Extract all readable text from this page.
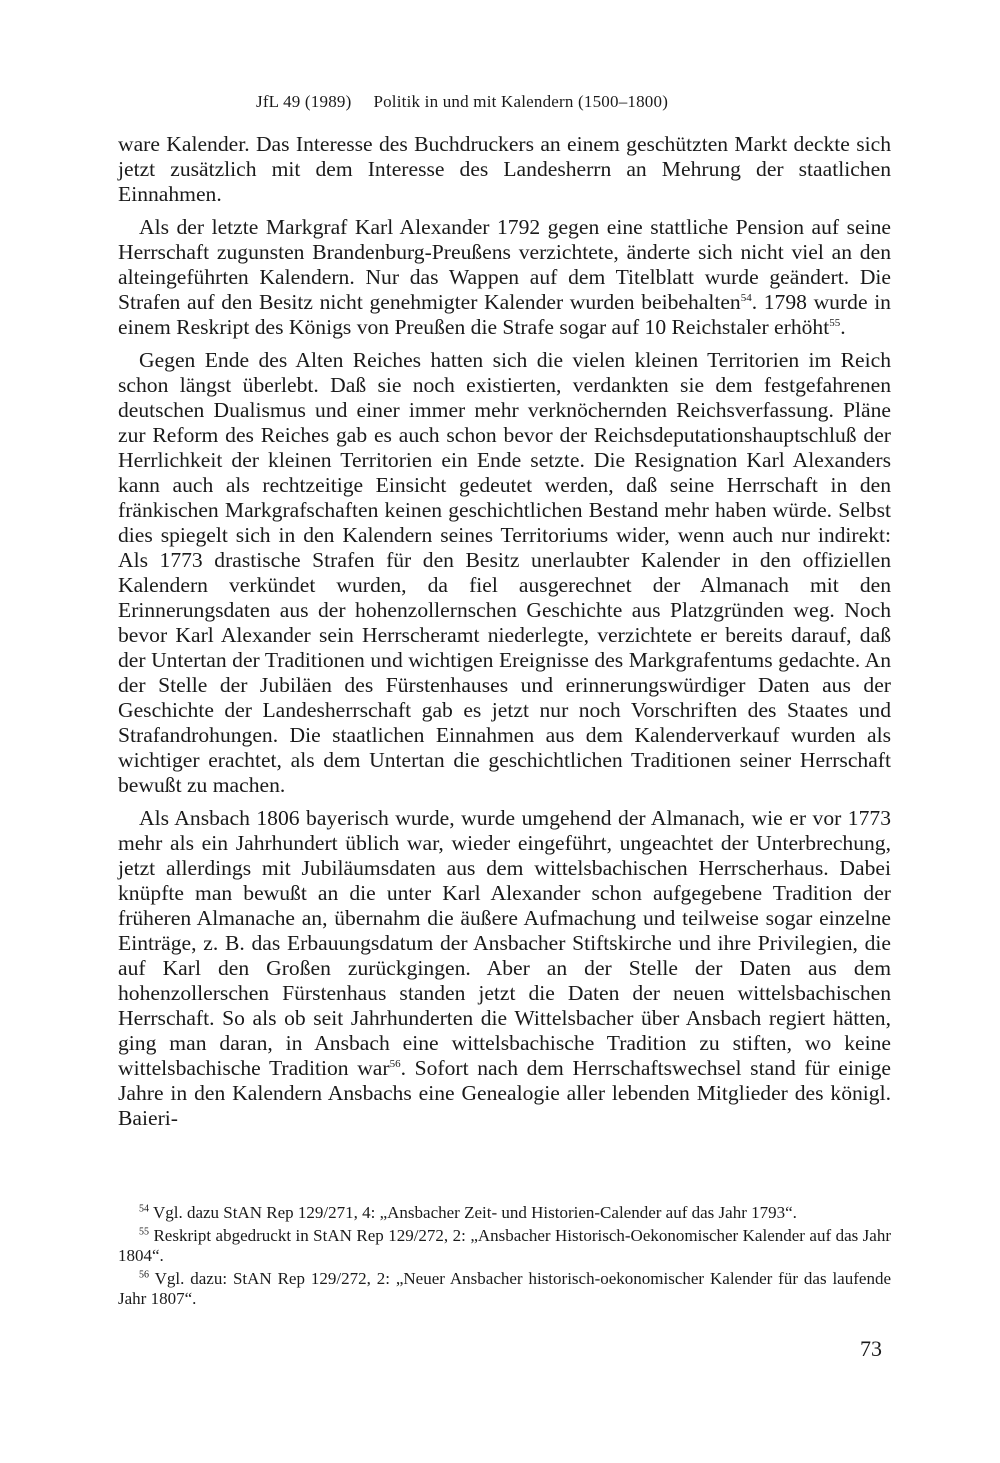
JfL 49 (1989) Politik in und mit Kalendern (1500–1800)

ware Kalender. Das Interesse des Buchdruckers an einem geschützten Markt deckte sich jetzt zusätzlich mit dem Interesse des Landesherrn an Mehrung der staatlichen Einnahmen.

Als der letzte Markgraf Karl Alexander 1792 gegen eine stattliche Pension auf seine Herrschaft zugunsten Brandenburg-Preußens verzichtete, änderte sich nicht viel an den alteingeführten Kalendern. Nur das Wappen auf dem Titelblatt wurde geändert. Die Strafen auf den Besitz nicht genehmigter Kalender wurden beibehalten$^{54}$. 1798 wurde in einem Reskript des Königs von Preußen die Strafe sogar auf 10 Reichstaler erhöht$^{55}$.

Gegen Ende des Alten Reiches hatten sich die vielen kleinen Territorien im Reich schon längst überlebt. Daß sie noch existierten, verdankten sie dem festgefahrenen deutschen Dualismus und einer immer mehr verknöchernden Reichsverfassung. Pläne zur Reform des Reiches gab es auch schon bevor der Reichsdeputationshauptschluß der Herrlichkeit der kleinen Territorien ein Ende setzte. Die Resignation Karl Alexanders kann auch als rechtzeitige Einsicht gedeutet werden, daß seine Herrschaft in den fränkischen Markgrafschaften keinen geschichtlichen Bestand mehr haben würde. Selbst dies spiegelt sich in den Kalendern seines Territoriums wider, wenn auch nur indirekt: Als 1773 drastische Strafen für den Besitz unerlaubter Kalender in den offiziellen Kalendern verkündet wurden, da fiel ausgerechnet der Almanach mit den Erinnerungsdaten aus der hohenzollernschen Geschichte aus Platzgründen weg. Noch bevor Karl Alexander sein Herrscheramt niederlegte, verzichtete er bereits darauf, daß der Untertan der Traditionen und wichtigen Ereignisse des Markgrafentums gedachte. An der Stelle der Jubiläen des Fürstenhauses und erinnerungswürdiger Daten aus der Geschichte der Landesherrschaft gab es jetzt nur noch Vorschriften des Staates und Strafandrohungen. Die staatlichen Einnahmen aus dem Kalenderverkauf wurden als wichtiger erachtet, als dem Untertan die geschichtlichen Traditionen seiner Herrschaft bewußt zu machen.

Als Ansbach 1806 bayerisch wurde, wurde umgehend der Almanach, wie er vor 1773 mehr als ein Jahrhundert üblich war, wieder eingeführt, ungeachtet der Unterbrechung, jetzt allerdings mit Jubiläumsdaten aus dem wittelsbachischen Herrscherhaus. Dabei knüpfte man bewußt an die unter Karl Alexander schon aufgegebene Tradition der früheren Almanache an, übernahm die äußere Aufmachung und teilweise sogar einzelne Einträge, z. B. das Erbauungsdatum der Ansbacher Stiftskirche und ihre Privilegien, die auf Karl den Großen zurückgingen. Aber an der Stelle der Daten aus dem hohenzollerschen Fürstenhaus standen jetzt die Daten der neuen wittelsbachischen Herrschaft. So als ob seit Jahrhunderten die Wittelsbacher über Ansbach regiert hätten, ging man daran, in Ansbach eine wittelsbachische Tradition zu stiften, wo keine wittelsbachische Tradition war$^{56}$. Sofort nach dem Herrschaftswechsel stand für einige Jahre in den Kalendern Ansbachs eine Genealogie aller lebenden Mitglieder des königl. Baieri-

$^{54}$ Vgl. dazu StAN Rep 129/271, 4: „Ansbacher Zeit- und Historien-Calender auf das Jahr 1793“.

$^{55}$ Reskript abgedruckt in StAN Rep 129/272, 2: „Ansbacher Historisch-Oekonomischer Kalender auf das Jahr 1804“.

$^{56}$ Vgl. dazu: StAN Rep 129/272, 2: „Neuer Ansbacher historisch-oekonomischer Kalender für das laufende Jahr 1807“.

73
